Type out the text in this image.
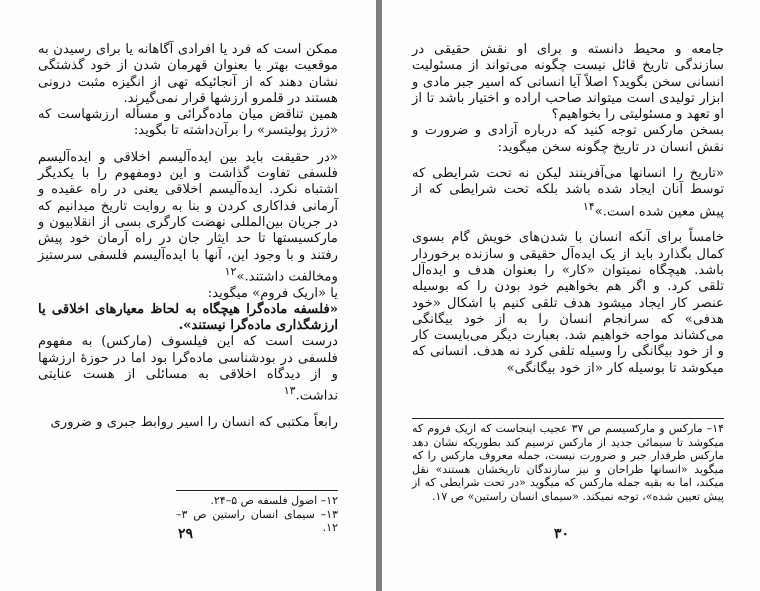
ممکن است که فرد یا افرادی آگاهانه یا برای رسیدن به موقعیت بهتر یا بعنوان قهرمان شدن از خود گذشتگی نشان دهند که از آنجائیکه تهی از انگیزه مثبت درونی هستند در قلمرو ارزشها قرار نمی‌گیرند.

همین تناقض میان ماده‌گرائی و مسأله ارزشهاست که «ژرژ پولیتسر» را برآن‌داشته تا بگوید:

«در حقیقت باید بین ایده‌آلیسم اخلاقی و ایده‌آلیسم فلسفی تفاوت گذاشت و این دومفهوم را با یکدیگر اشتباه نکرد. ایده‌آلیسم اخلاقی یعنی در راه عقیده و آرمانی فداکاری کردن و بنا به روایت تاریخ میدانیم که در جریان بین‌المللی نهضت کارگری بسی از انقلابیون و مارکسیستها تا حد ایثار جان در راه آرمان خود پیش رفتند و با وجود این، آنها با ایده‌آلیسم فلسفی سرستیز ومخالفت داشتند.»$^{۱۲}$

یا «اریک فروم» میگوید:

«فلسفه ماده‌گرا هیچگاه به لحاظ معیارهای اخلاقی یا ارزشگذاری ماده‌گرا نیستند».

درست است که این فیلسوف (مارکس) به مفهوم فلسفی در بودشناسی ماده‌گرا بود اما در حوزهٔ ارزشها و از دیدگاه اخلاقی به مسائلی از هست عنایتی نداشت.$^{۱۳}$

رابعاً مکتبی که انسان را اسیر روابط جبری و ضروری

۱۲– اصول فلسفه ص ۵–۲۴.
۱۳– سیمای انسان راستین ص ۳–۱۲.
۲۹

جامعه و محیط دانسته و برای او نقش حقیقی در سازندگی تاریخ قائل نیست چگونه می‌تواند از مسئولیت انسانی سخن بگوید؟ اصلاً آیا انسانی که اسیر جبر مادی و ابزار تولیدی است میتواند صاحب اراده و اختیار باشد تا از او تعهد و مسئولیتی را بخواهیم؟

بسخن مارکس توجه کنید که درباره آزادی و ضرورت و نقش انسان در تاریخ چگونه سخن میگوید:

«تاریخ را انسانها می‌آفرینند لیکن نه تحت شرایطی که توسط آنان ایجاد شده باشد بلکه تحت شرایطی که از پیش معین شده است.»$^{۱۴}$

خامساً برای آنکه انسان با شدن‌های خویش گام بسوی کمال بگذارد باید از یک ایده‌آل حقیقی و سازنده برخوردار باشد. هیچگاه نمیتوان «کار» را بعنوان هدف و ایده‌آل تلقی کرد. و اگر هم بخواهیم خود بودن را که بوسیله عنصر کار ایجاد میشود هدف تلقی کنیم با اشکال «خود هدفی» که سرانجام انسان را به از خود بیگانگی می‌کشاند مواجه خواهیم شد. بعبارت دیگر می‌بایست کار و از خود بیگانگی را وسیله تلقی کرد نه هدف. انسانی که میکوشد تا بوسیله کار «از خود بیگانگی»

۱۴– مارکس و مارکسیسم ص ۳۷ عجیب اینجاست که اریک فروم که میکوشد تا سیمائی جدید از مارکس ترسیم کند بطوریکه نشان دهد مارکس طرفدار جبر و ضرورت نیست، جمله معروف مارکس را که میگوید «انسانها طراحان و نیز سازندگان تاریخشان هستند» نقل میکند، اما به بقیه جمله مارکس که میگوید «در تحت شرایطی که از پیش تعیین شده»، توجه نمیکند. «سیمای انسان راستین» ص ۱۷.
۳۰
